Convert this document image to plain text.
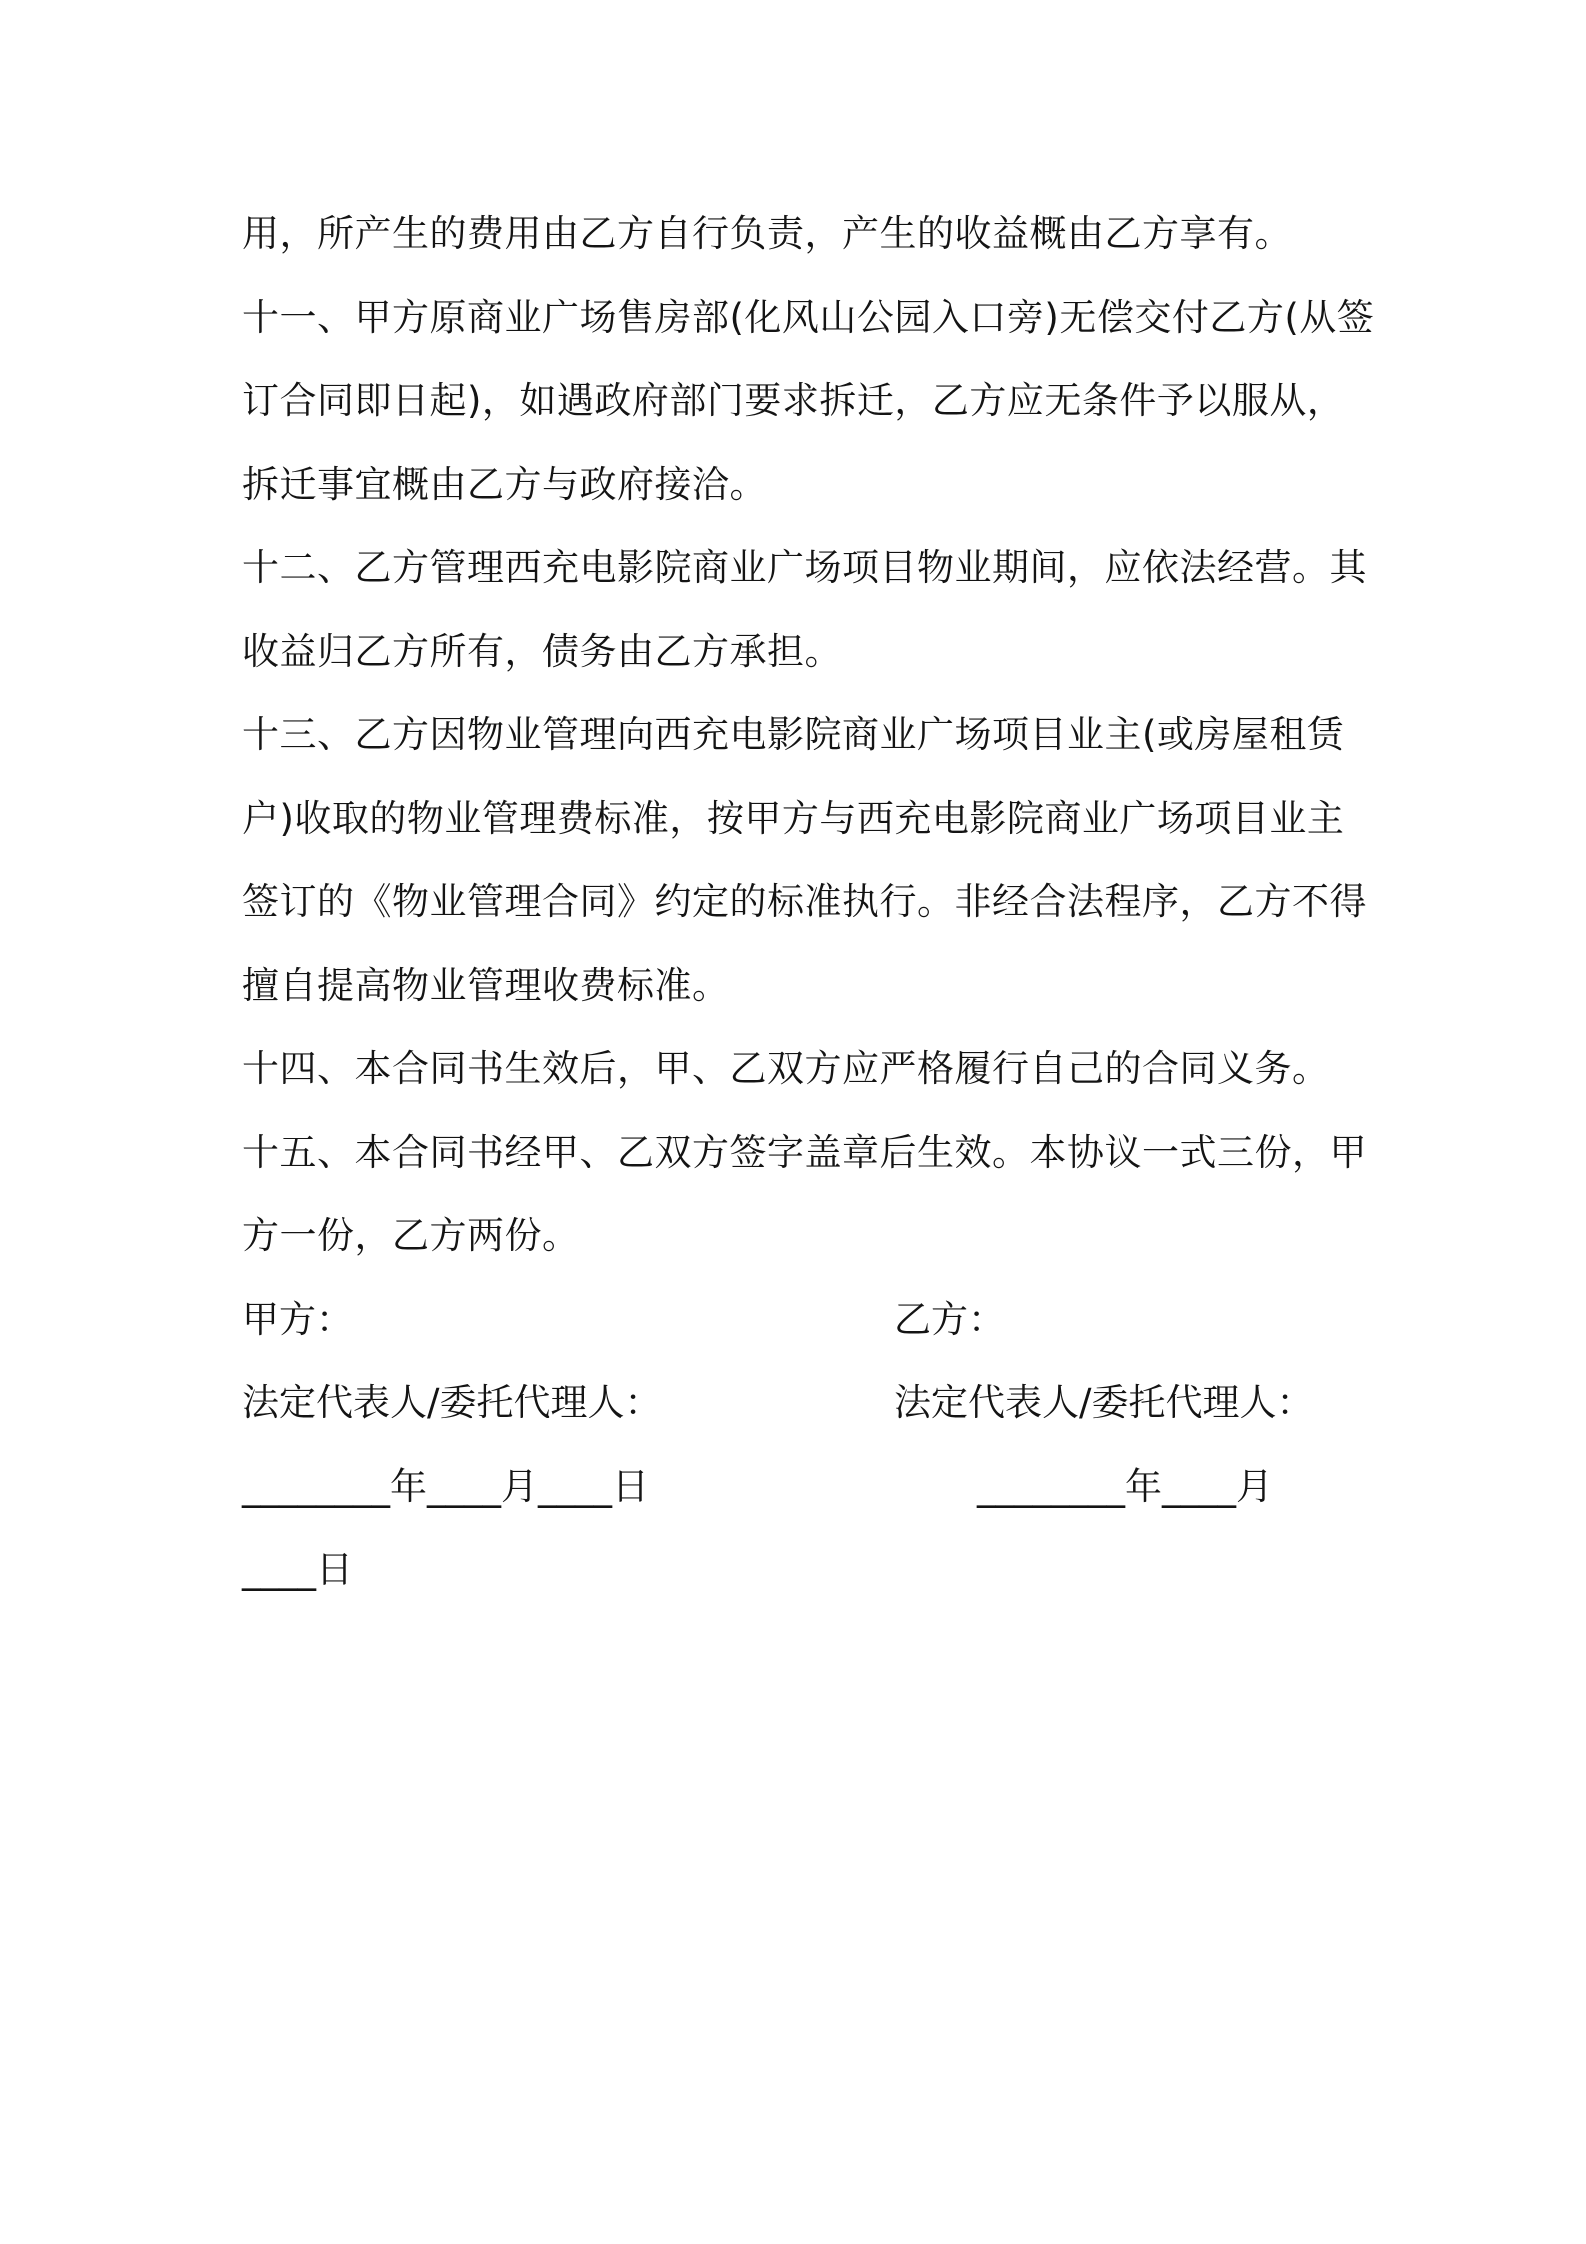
用，所产生的费用由乙方自行负责，产生的收益概由乙方享有。
十一、甲方原商业广场售房部(化风山公园入口旁)无偿交付乙方(从签
订合同即日起)，如遇政府部门要求拆迁，乙方应无条件予以服从，
拆迁事宜概由乙方与政府接洽。
十二、乙方管理西充电影院商业广场项目物业期间，应依法经营。其
收益归乙方所有，债务由乙方承担。
十三、乙方因物业管理向西充电影院商业广场项目业主(或房屋租赁
户)收取的物业管理费标准，按甲方与西充电影院商业广场项目业主
签订的《物业管理合同》约定的标准执行。非经合法程序，乙方不得
擅自提高物业管理收费标准。
十四、本合同书生效后，甲、乙双方应严格履行自己的合同义务。
十五、本合同书经甲、乙双方签字盖章后生效。本协议一式三份，甲
方一份，乙方两份。
甲方：	乙方：
法定代表人/委托代理人：	法定代表人/委托代理人：
________年____月____日	________年____月
____日
